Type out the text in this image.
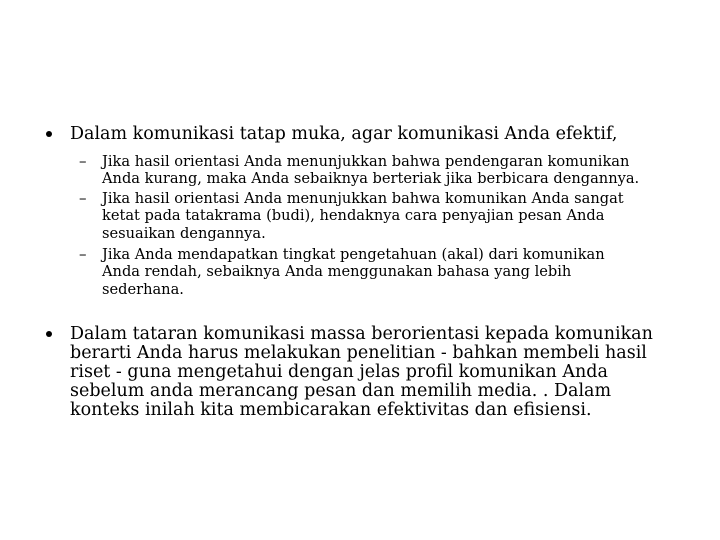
Dalam komunikasi tatap muka, agar komunikasi Anda efektif,
– Jika hasil orientasi Anda menunjukkan bahwa pendengaran komunikan
Anda kurang, maka Anda sebaiknya berteriak jika berbicara dengannya.
– Jika hasil orientasi Anda menunjukkan bahwa komunikan Anda sangat
ketat pada tatakrama (budi), hendaknya cara penyajian pesan Anda
sesuaikan dengannya.
– Jika Anda mendapatkan tingkat pengetahuan (akal) dari komunikan
Anda rendah, sebaiknya Anda menggunakan bahasa yang lebih
sederhana.
Dalam tataran komunikasi massa berorientasi kepada komunikan
berarti Anda harus melakukan penelitian - bahkan membeli hasil
riset - guna mengetahui dengan jelas profil komunikan Anda
sebelum anda merancang pesan dan memilih media. . Dalam
konteks inilah kita membicarakan efektivitas dan efisiensi.
